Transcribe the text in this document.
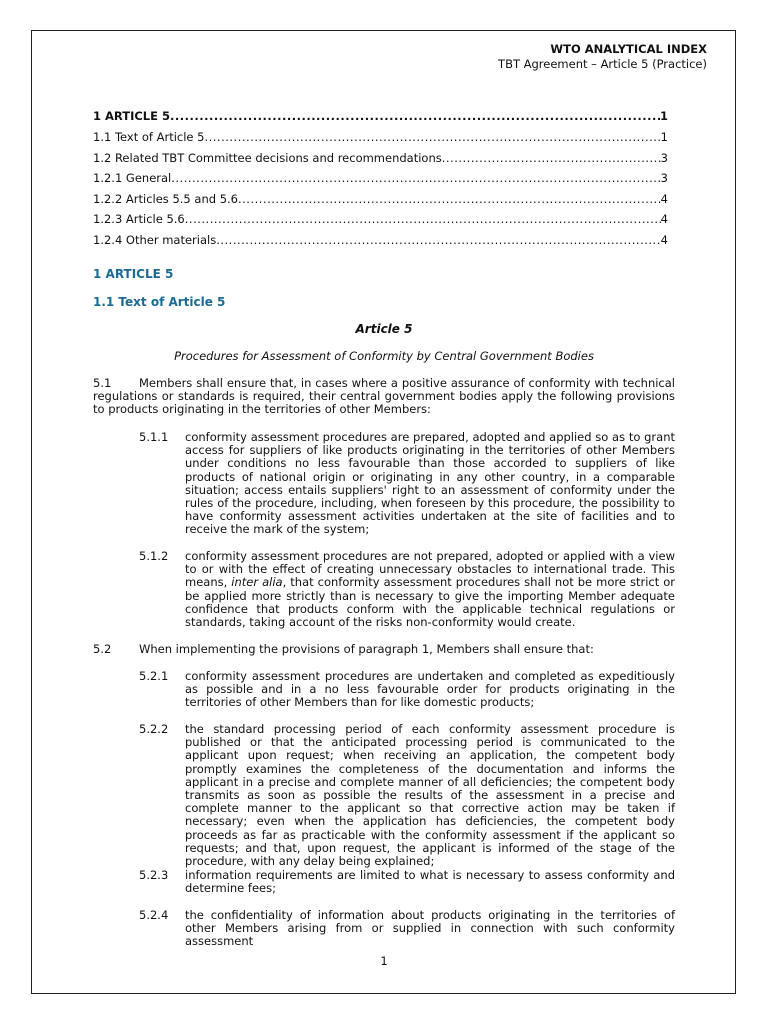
WTO ANALYTICAL INDEX
TBT Agreement – Article 5 (Practice)
1 ARTICLE 5 .....	1
1.1 Text of Article 5 .....	1
1.2 Related TBT Committee decisions and recommendations .....	3
1.2.1 General .....	3
1.2.2 Articles 5.5 and 5.6 .....	4
1.2.3 Article 5.6 .....	4
1.2.4 Other materials .....	4
1 ARTICLE 5
1.1 Text of Article 5
Article 5
Procedures for Assessment of Conformity by Central Government Bodies
5.1	Members shall ensure that, in cases where a positive assurance of conformity with technical regulations or standards is required, their central government bodies apply the following provisions to products originating in the territories of other Members:
5.1.1 conformity assessment procedures are prepared, adopted and applied so as to grant access for suppliers of like products originating in the territories of other Members under conditions no less favourable than those accorded to suppliers of like products of national origin or originating in any other country, in a comparable situation; access entails suppliers' right to an assessment of conformity under the rules of the procedure, including, when foreseen by this procedure, the possibility to have conformity assessment activities undertaken at the site of facilities and to receive the mark of the system;
5.1.2 conformity assessment procedures are not prepared, adopted or applied with a view to or with the effect of creating unnecessary obstacles to international trade. This means, inter alia, that conformity assessment procedures shall not be more strict or be applied more strictly than is necessary to give the importing Member adequate confidence that products conform with the applicable technical regulations or standards, taking account of the risks non-conformity would create.
5.2 When implementing the provisions of paragraph 1, Members shall ensure that:
5.2.1 conformity assessment procedures are undertaken and completed as expeditiously as possible and in a no less favourable order for products originating in the territories of other Members than for like domestic products;
5.2.2 the standard processing period of each conformity assessment procedure is published or that the anticipated processing period is communicated to the applicant upon request; when receiving an application, the competent body promptly examines the completeness of the documentation and informs the applicant in a precise and complete manner of all deficiencies; the competent body transmits as soon as possible the results of the assessment in a precise and complete manner to the applicant so that corrective action may be taken if necessary; even when the application has deficiencies, the competent body proceeds as far as practicable with the conformity assessment if the applicant so requests; and that, upon request, the applicant is informed of the stage of the procedure, with any delay being explained;
5.2.3 information requirements are limited to what is necessary to assess conformity and determine fees;
5.2.4 the confidentiality of information about products originating in the territories of other Members arising from or supplied in connection with such conformity assessment
1
